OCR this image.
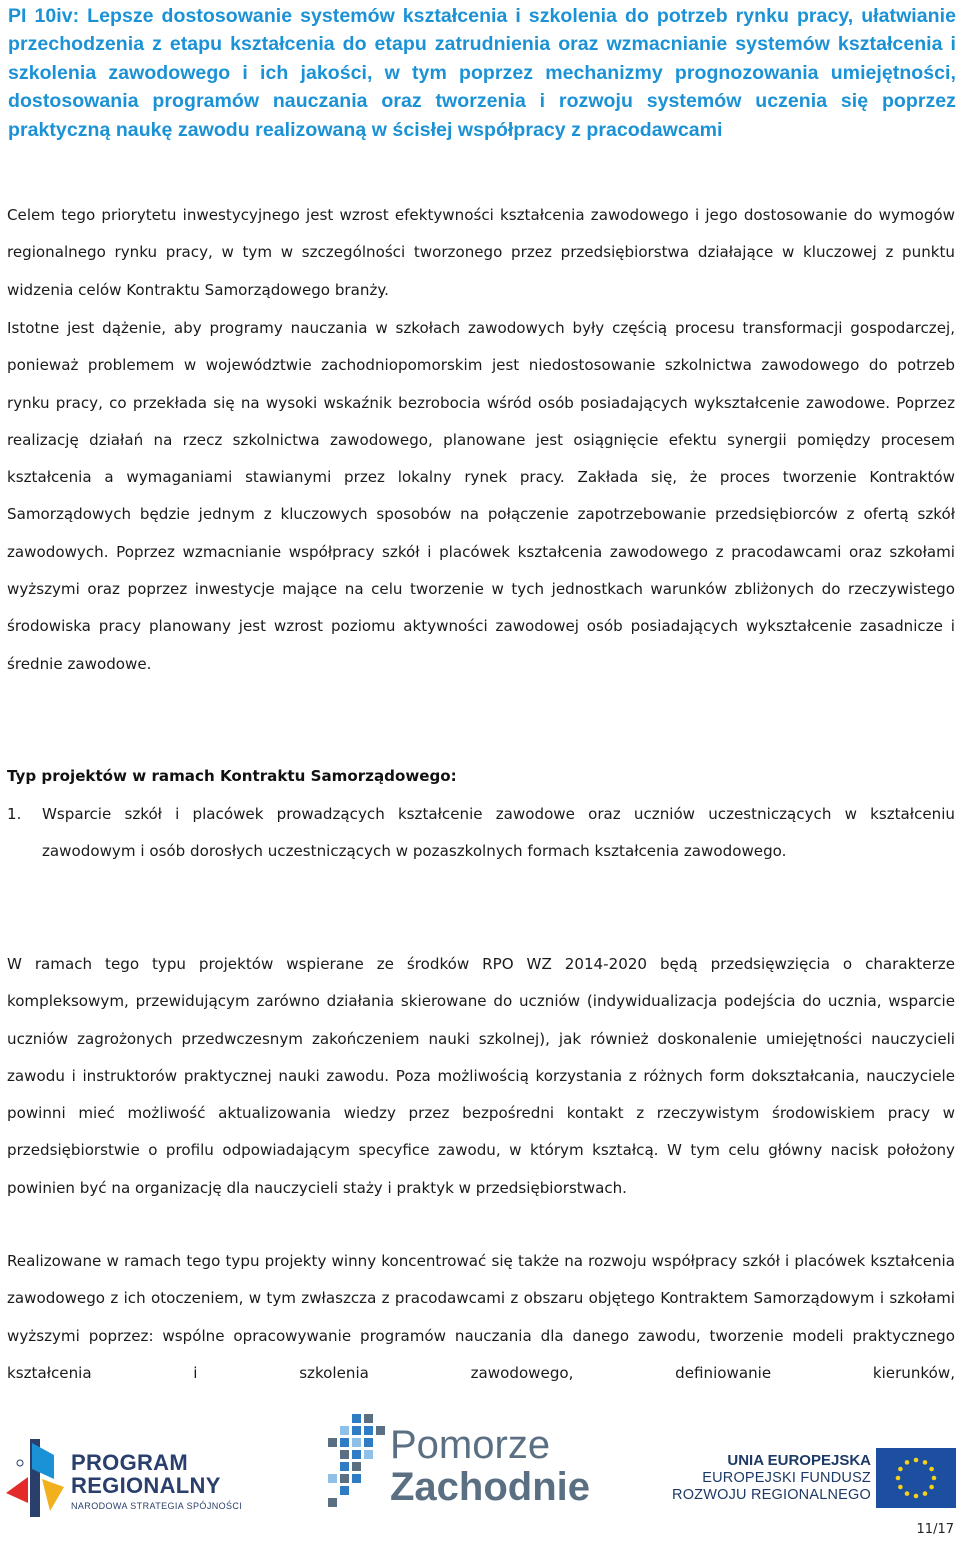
PI 10iv: Lepsze dostosowanie systemów kształcenia i szkolenia do potrzeb rynku pracy, ułatwianie przechodzenia z etapu kształcenia do etapu zatrudnienia oraz wzmacnianie systemów kształcenia i szkolenia zawodowego i ich jakości, w tym poprzez mechanizmy prognozowania umiejętności, dostosowania programów nauczania oraz tworzenia i rozwoju systemów uczenia się poprzez praktyczną naukę zawodu realizowaną w ścisłej współpracy z pracodawcami

Celem tego priorytetu inwestycyjnego jest wzrost efektywności kształcenia zawodowego i jego dostosowanie do wymogów regionalnego rynku pracy, w tym w szczególności tworzonego przez przedsiębiorstwa działające w kluczowej z punktu widzenia celów Kontraktu Samorządowego branży.

Istotne jest dążenie, aby programy nauczania w szkołach zawodowych były częścią procesu transformacji gospodarczej, ponieważ problemem w województwie zachodniopomorskim jest niedostosowanie szkolnictwa zawodowego do potrzeb rynku pracy, co przekłada się na wysoki wskaźnik bezrobocia wśród osób posiadających wykształcenie zawodowe. Poprzez realizację działań na rzecz szkolnictwa zawodowego, planowane jest osiągnięcie efektu synergii pomiędzy procesem kształcenia a wymaganiami stawianymi przez lokalny rynek pracy. Zakłada się, że proces tworzenie Kontraktów Samorządowych będzie jednym z kluczowych sposobów na połączenie zapotrzebowanie przedsiębiorców z ofertą szkół zawodowych. Poprzez wzmacnianie współpracy szkół i placówek kształcenia zawodowego z pracodawcami oraz szkołami wyższymi oraz poprzez inwestycje mające na celu tworzenie w tych jednostkach warunków zbliżonych do rzeczywistego środowiska pracy planowany jest wzrost poziomu aktywności zawodowej osób posiadających wykształcenie zasadnicze i średnie zawodowe.

Typ projektów w ramach Kontraktu Samorządowego:
1. Wsparcie szkół i placówek prowadzących kształcenie zawodowe oraz uczniów uczestniczących w kształceniu zawodowym i osób dorosłych uczestniczących w pozaszkolnych formach kształcenia zawodowego.

W ramach tego typu projektów wspierane ze środków RPO WZ 2014-2020 będą przedsięwzięcia o charakterze kompleksowym, przewidującym zarówno działania skierowane do uczniów (indywidualizacja podejścia do ucznia, wsparcie uczniów zagrożonych przedwczesnym zakończeniem nauki szkolnej), jak również doskonalenie umiejętności nauczycieli zawodu i instruktorów praktycznej nauki zawodu. Poza możliwością korzystania z różnych form dokształcania, nauczyciele powinni mieć możliwość aktualizowania wiedzy przez bezpośredni kontakt z rzeczywistym środowiskiem pracy w przedsiębiorstwie o profilu odpowiadającym specyfice zawodu, w którym kształcą. W tym celu główny nacisk położony powinien być na organizację dla nauczycieli staży i praktyk w przedsiębiorstwach.

Realizowane w ramach tego typu projekty winny koncentrować się także na rozwoju współpracy szkół i placówek kształcenia zawodowego z ich otoczeniem, w tym zwłaszcza z pracodawcami z obszaru objętego Kontraktem Samorządowym i szkołami wyższymi poprzez: wspólne opracowywanie programów nauczania dla danego zawodu, tworzenie modeli praktycznego kształcenia i szkolenia zawodowego, definiowanie kierunków,

PROGRAM
REGIONALNY
NARODOWA STRATEGIA SPÓJNOŚCI
Pomorze
Zachodnie
UNIA EUROPEJSKA
EUROPEJSKI FUNDUSZ
ROZWOJU REGIONALNEGO
11/17
